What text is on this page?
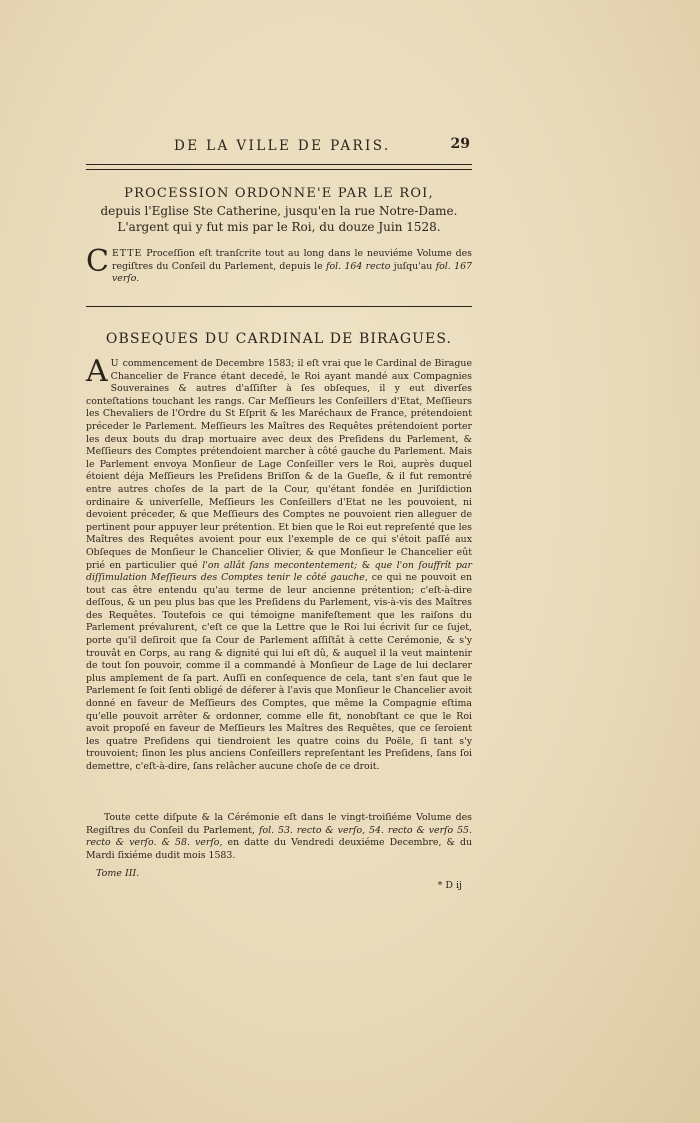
DE LA VILLE DE PARIS.	29
PROCESSION ORDONNE'E PAR LE ROI,
depuis l'Eglise Ste Catherine, jusqu'en la rue Notre-Dame.
L'argent qui y fut mis par le Roi, du douze Juin 1528.
CETTE Proceſſion eſt tranſcrite tout au long dans le neuviéme Volume des regiſtres du Conſeil du Parlement, depuis le fol. 164 recto juſqu'au fol. 167 verſo.
OBSEQUES DU CARDINAL DE BIRAGUES.
A U commencement de Decembre 1583; il eſt vrai que le Cardinal de Birague Chancelier de France étant decedé, le Roi ayant mandé aux Compagnies Souveraines & autres d'aſſiſter à ſes obſeques, il y eut diverſes conteſtations touchant les rangs. Car Meſſieurs les Conſeillers d'Etat, Meſſieurs les Chevaliers de l'Ordre du St Eſprit & les Maréchaux de France, prétendoient préceder le Parlement. Meſſieurs les Maîtres des Requêtes prétendoient porter les deux bouts du drap mortuaire avec deux des Preſidens du Parlement, & Meſſieurs des Comptes prétendoient marcher à côté gauche du Parlement. Mais le Parlement envoya Monſieur de Lage Conſeiller vers le Roi, auprès duquel étoient déja Meſſieurs les Preſidens Briſſon & de la Gueſle, & il fut remontré entre autres choſes de la part de la Cour, qu'étant fondée en Juriſdiction ordinaire & univerſelle, Meſſieurs les Conſeillers d'Etat ne les pouvoient, ni devoient préceder, & que Meſſieurs des Comptes ne pouvoient rien alleguer de pertinent pour appuyer leur prétention. Et bien que le Roi eut repreſenté que les Maîtres des Requêtes avoient pour eux l'exemple de ce qui s'étoit paſſé aux Obſeques de Monſieur le Chancelier Olivier, & que Monſieur le Chancelier eût prié en particulier qué l'on allât ſans mecontentement; & que l'on ſouffrît par diſſimulation Meſſieurs des Comptes tenir le côté gauche, ce qui ne pouvoit en tout cas être entendu qu'au terme de leur ancienne prétention; c'eſt-à-dire deſſous, & un peu plus bas que les Preſidens du Parlement, vis-à-vis des Maîtres des Requêtes. Toutefois ce qui témoigne manifeſtement que les raiſons du Parlement prévalurent, c'eſt ce que la Lettre que le Roi lui écrivit ſur ce ſujet, porte qu'il deſiroit que ſa Cour de Parlement aſſiſtât à cette Cerémonie, & s'y trouvât en Corps, au rang & dignité qui lui eſt dû, & auquel il la veut maintenir de tout ſon pouvoir, comme il a commandé à Monſieur de Lage de lui declarer plus amplement de ſa part. Auſſi en conſequence de cela, tant s'en faut que le Parlement ſe ſoit ſenti obligé de déferer à l'avis que Monſieur le Chancelier avoit donné en faveur de Meſſieurs des Comptes, que même la Compagnie eſtima qu'elle pouvoit arrêter & ordonner, comme elle fit, nonobſtant ce que le Roi avoit propoſé en faveur de Meſſieurs les Maîtres des Requêtes, que ce ſeroient les quatre Preſidens qui tiendroient les quatre coins du Poële, ſi tant s'y trouvoient; ſinon les plus anciens Conſeillers repreſentant les Preſidens, ſans ſoi demettre, c'eſt-à-dire, ſans relâcher aucune choſe de ce droit.
Toute cette diſpute & la Cérémonie eſt dans le vingt-troiſiéme Volume des Regiſtres du Conſeil du Parlement, fol. 53. recto & verſo, 54. recto & verſo 55. recto & verſo. & 58. verſo, en datte du Vendredi deuxiéme Decembre, & du Mardi ſixiéme dudit mois 1583.
Tome III.
* D ij
